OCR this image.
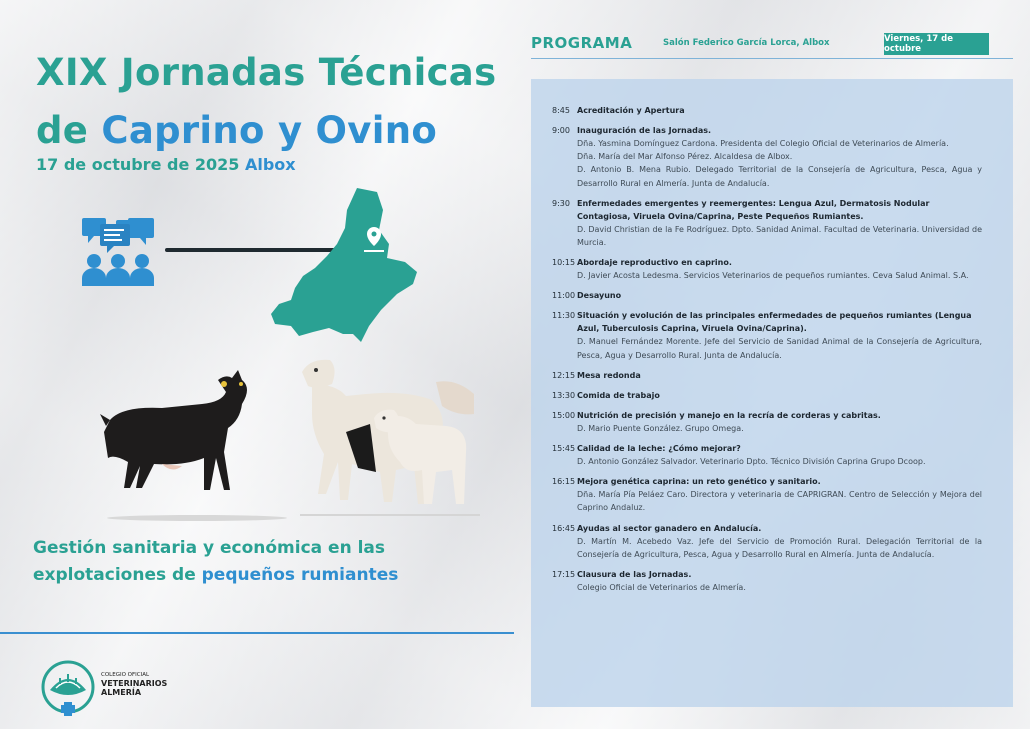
XIX Jornadas Técnicas
de Caprino y Ovino
17 de octubre de 2025 Albox
Gestión sanitaria y económica en las
explotaciones de pequeños rumiantes
COLEGIO OFICIAL
VETERINARIOS
ALMERÍA
PROGRAMA	Salón Federico García Lorca, Albox	Viernes, 17 de octubre
8:45 Acreditación y Apertura
9:00 Inauguración de las Jornadas.
Dña. Yasmina Domínguez Cardona. Presidenta del Colegio Oficial de Veterinarios de Almería.
Dña. María del Mar Alfonso Pérez. Alcaldesa de Albox.
D. Antonio B. Mena Rubio. Delegado Territorial de la Consejería de Agricultura, Pesca, Agua y Desarrollo Rural en Almería. Junta de Andalucía.
9:30 Enfermedades emergentes y reemergentes: Lengua Azul, Dermatosis Nodular Contagiosa, Viruela Ovina/Caprina, Peste Pequeños Rumiantes.
D. David Christian de la Fe Rodríguez. Dpto. Sanidad Animal. Facultad de Veterinaria. Universidad de Murcia.
10:15 Abordaje reproductivo en caprino.
D. Javier Acosta Ledesma. Servicios Veterinarios de pequeños rumiantes. Ceva Salud Animal. S.A.
11:00 Desayuno
11:30 Situación y evolución de las principales enfermedades de pequeños rumiantes (Lengua Azul, Tuberculosis Caprina, Viruela Ovina/Caprina).
D. Manuel Fernández Morente. Jefe del Servicio de Sanidad Animal de la Consejería de Agricultura, Pesca, Agua y Desarrollo Rural. Junta de Andalucía.
12:15 Mesa redonda
13:30 Comida de trabajo
15:00 Nutrición de precisión y manejo en la recría de corderas y cabritas.
D. Mario Puente González. Grupo Omega.
15:45 Calidad de la leche: ¿Cómo mejorar?
D. Antonio González Salvador. Veterinario Dpto. Técnico División Caprina Grupo Dcoop.
16:15 Mejora genética caprina: un reto genético y sanitario.
Dña. María Pía Peláez Caro. Directora y veterinaria de CAPRIGRAN. Centro de Selección y Mejora del Caprino Andaluz.
16:45 Ayudas al sector ganadero en Andalucía.
D. Martín M. Acebedo Vaz. Jefe del Servicio de Promoción Rural. Delegación Territorial de la Consejería de Agricultura, Pesca, Agua y Desarrollo Rural en Almería. Junta de Andalucía.
17:15 Clausura de las Jornadas.
Colegio Oficial de Veterinarios de Almería.
